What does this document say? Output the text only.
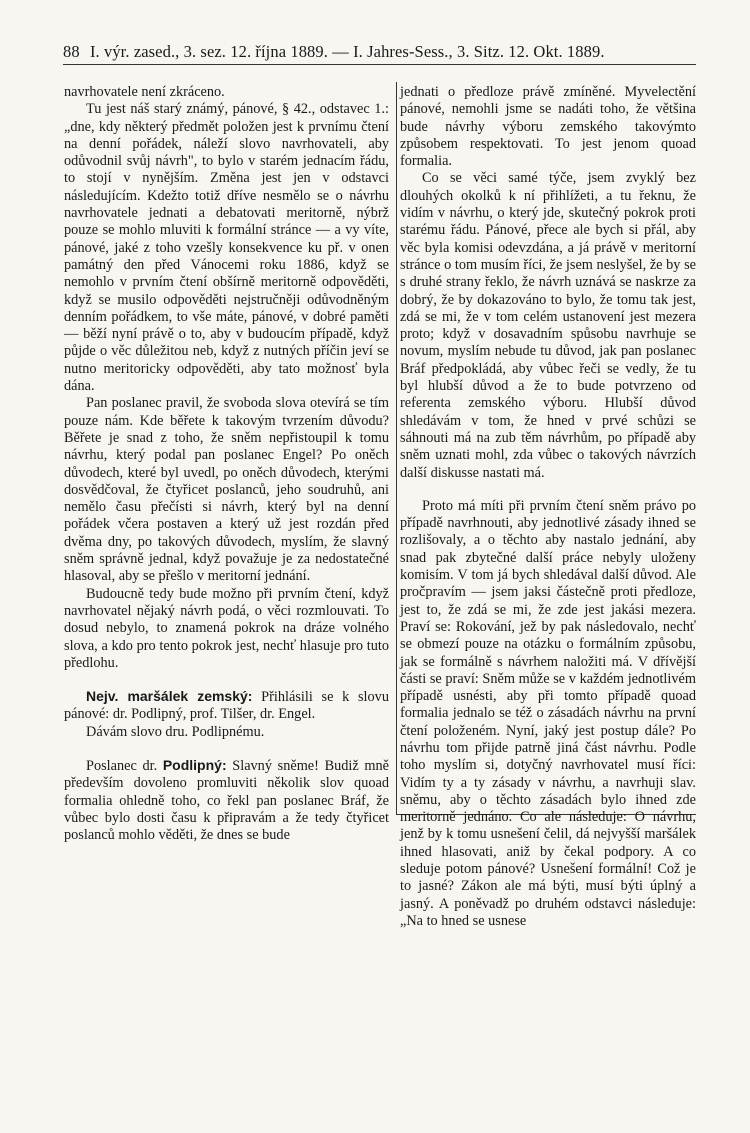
88 I. výr. zased., 3. sez. 12. října 1889. — I. Jahres-Sess., 3. Sitz. 12. Okt. 1889.

navrhovatele není zkráceno.

Tu jest náš starý známý, pánové, § 42., odstavec 1.: „dne, kdy některý předmět položen jest k prvnímu čtení na denní pořádek, náleží slovo navrhovateli, aby odůvodnil svůj návrh", to bylo v starém jednacím řádu, to stojí v nynějším. Změna jest jen v odstavci následujícím. Kdežto totiž dříve nesmělo se o návrhu navrhovatele jednati a debatovati meritorně, nýbrž pouze se mohlo mluviti k formální stránce — a vy víte, pánové, jaké z toho vzešly konsekvence ku př. v onen památný den před Vánocemi roku 1886, když se nemohlo v prvním čtení obšírně meritorně odpověděti, když se musilo odpověděti nejstručněji odůvodněným denním pořádkem, to vše máte, pánové, v dobré paměti — běží nyní právě o to, aby v budoucím případě, když půjde o věc důležitou neb, když z nutných příčin jeví se nutno meritoricky odpověděti, aby tato možnosť byla dána.

Pan poslanec pravil, že svoboda slova otevírá se tím pouze nám. Kde běřete k takovým tvrzením důvodu? Běřete je snad z toho, že sněm nepřistoupil k tomu návrhu, který podal pan poslanec Engel? Po oněch důvodech, které byl uvedl, po oněch důvodech, kterými dosvědčoval, že čtyřicet poslanců, jeho soudruhů, ani nemělo času přečísti si návrh, který byl na denní pořádek včera postaven a který už jest rozdán před dvěma dny, po takových důvodech, myslím, že slavný sněm správně jednal, když považuje je za nedostatečné hlasoval, aby se přešlo v meritorní jednání.

Budoucně tedy bude možno při prvním čtení, když navrhovatel nějaký návrh podá, o věci rozmlouvati. To dosud nebylo, to znamená pokrok na dráze volného slova, a kdo pro tento pokrok jest, nechť hlasuje pro tuto předlohu.

Nejv. maršálek zemský: Přihlásili se k slovu pánové: dr. Podlipný, prof. Tilšer, dr. Engel.

Dávám slovo dru. Podlipnému.

Poslanec dr. Podlipný: Slavný sněme! Budiž mně především dovoleno promluviti několik slov quoad formalia ohledně toho, co řekl pan poslanec Bráf, že vůbec bylo dosti času k připravám a že tedy čtyřicet poslanců mohlo věděti, že dnes se bude

jednati o předloze právě zmíněné. Myvelectění pánové, nemohli jsme se nadáti toho, že většina bude návrhy výboru zemského takovýmto způsobem respektovati. To jest jenom quoad formalia.

Co se věci samé týče, jsem zvyklý bez dlouhých okolků k ní přihlížeti, a tu řeknu, že vidím v návrhu, o který jde, skutečný pokrok proti starému řádu. Pánové, přece ale bych si přál, aby věc byla komisi odevzdána, a já právě v meritorní stránce o tom musím říci, že jsem neslyšel, že by se s druhé strany řeklo, že návrh uznává se naskrze za dobrý, že by dokazováno to bylo, že tomu tak jest, zdá se mi, že v tom celém ustanovení jest mezera proto; když v dosavadním spůsobu navrhuje se novum, myslím nebude tu důvod, jak pan poslanec Bráf předpokládá, aby vůbec řeči se vedly, že tu byl hlubší důvod a že to bude potvrzeno od referenta zemského výboru. Hlubší důvod shledávám v tom, že hned v prvé schůzi se sáhnouti má na zub těm návrhům, po případě aby sněm uznati mohl, zda vůbec o takových návrzích další diskusse nastati má.

Proto má míti při prvním čtení sněm právo po případě navrhnouti, aby jednotlivé zásady ihned se rozlišovaly, a o těchto aby nastalo jednání, aby snad pak zbytečné další práce nebyly uloženy komisím. V tom já bych shledával další důvod. Ale pročpravím — jsem jaksi částečně proti předloze, jest to, že zdá se mi, že zde jest jakási mezera. Praví se: Rokování, jež by pak následovalo, nechť se obmezí pouze na otázku o formálním způsobu, jak se formálně s návrhem naložiti má. V dřívější části se praví: Sněm může se v každém jednotlivém případě usnésti, aby při tomto případě quoad formalia jednalo se též o zásadách návrhu na první čtení položeném. Nyní, jaký jest postup dále? Po návrhu tom přijde patrně jiná část návrhu. Podle toho myslím si, dotyčný navrhovatel musí říci: Vidím ty a ty zásady v návrhu, a navrhuji slav. sněmu, aby o těchto zásadách bylo ihned zde meritorně jednáno. Co ale následuje: O návrhu, jenž by k tomu usnešení čelil, dá nejvyšší maršálek ihned hlasovati, aniž by čekal podpory. A co sleduje potom pánové? Usnešení formální! Což je to jasné? Zákon ale má býti, musí býti úplný a jasný. A poněvadž po druhém odstavci následuje: „Na to hned se usnese
